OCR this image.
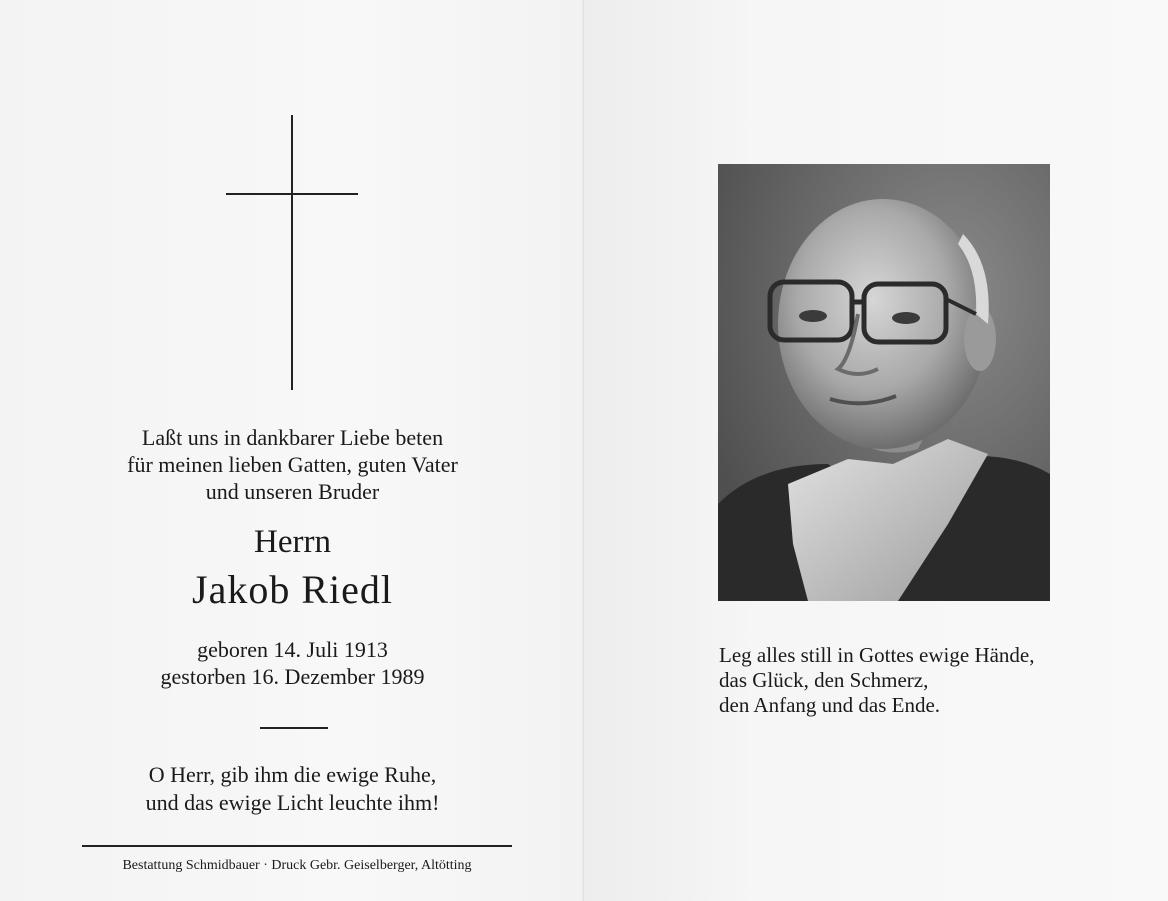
Laßt uns in dankbarer Liebe beten
für meinen lieben Gatten, guten Vater
und unseren Bruder
Herrn
Jakob Riedl
geboren 14. Juli 1913
gestorben 16. Dezember 1989
O Herr, gib ihm die ewige Ruhe,
und das ewige Licht leuchte ihm!
Bestattung Schmidbauer · Druck Gebr. Geiselberger, Altötting
Leg alles still in Gottes ewige Hände,
das Glück, den Schmerz,
den Anfang und das Ende.
